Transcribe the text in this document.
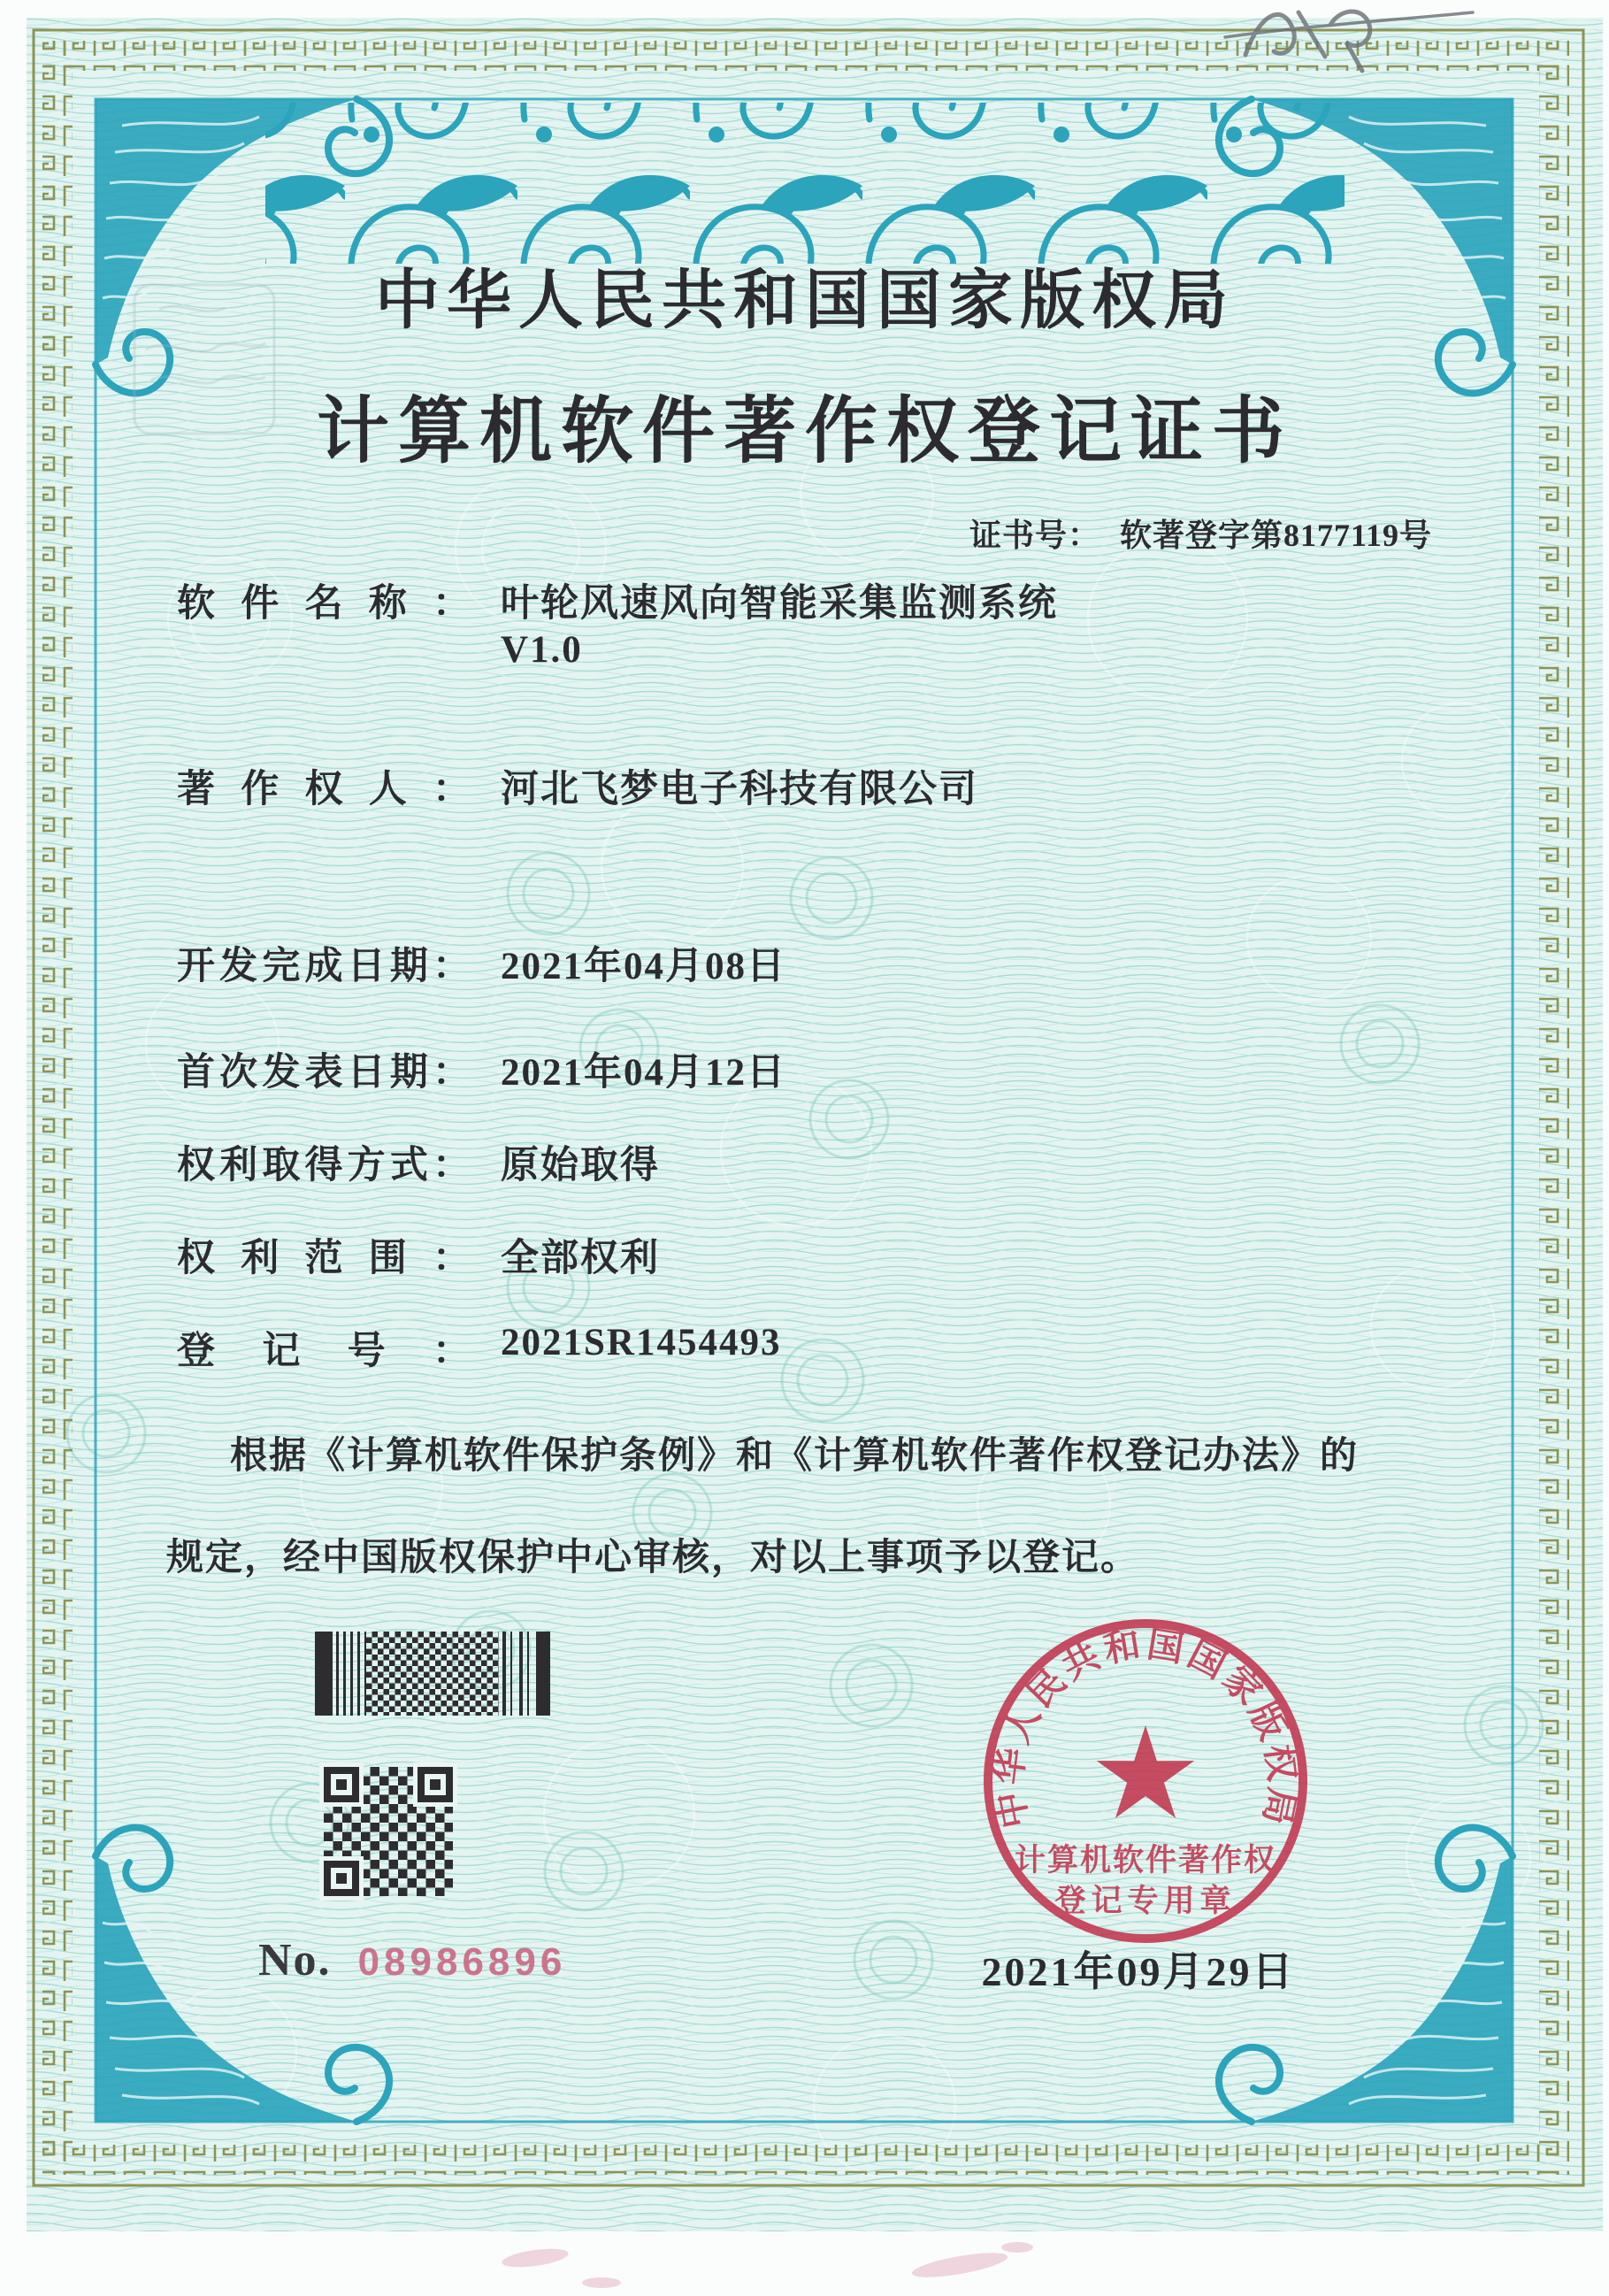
中华人民共和国国家版权局
计算机软件著作权登记证书
证书号： 软著登字第8177119号
软件名称： 叶轮风速风向智能采集监测系统
V1.0
著作权人： 河北飞梦电子科技有限公司
开发完成日期： 2021年04月08日
首次发表日期： 2021年04月12日
权利取得方式： 原始取得
权利范围： 全部权利
登记号： 2021SR1454493
根据《计算机软件保护条例》和《计算机软件著作权登记办法》的
规定，经中国版权保护中心审核，对以上事项予以登记。
No. 08986896
中华人民共和国国家版权局
计算机软件著作权
登记专用章
2021年09月29日
